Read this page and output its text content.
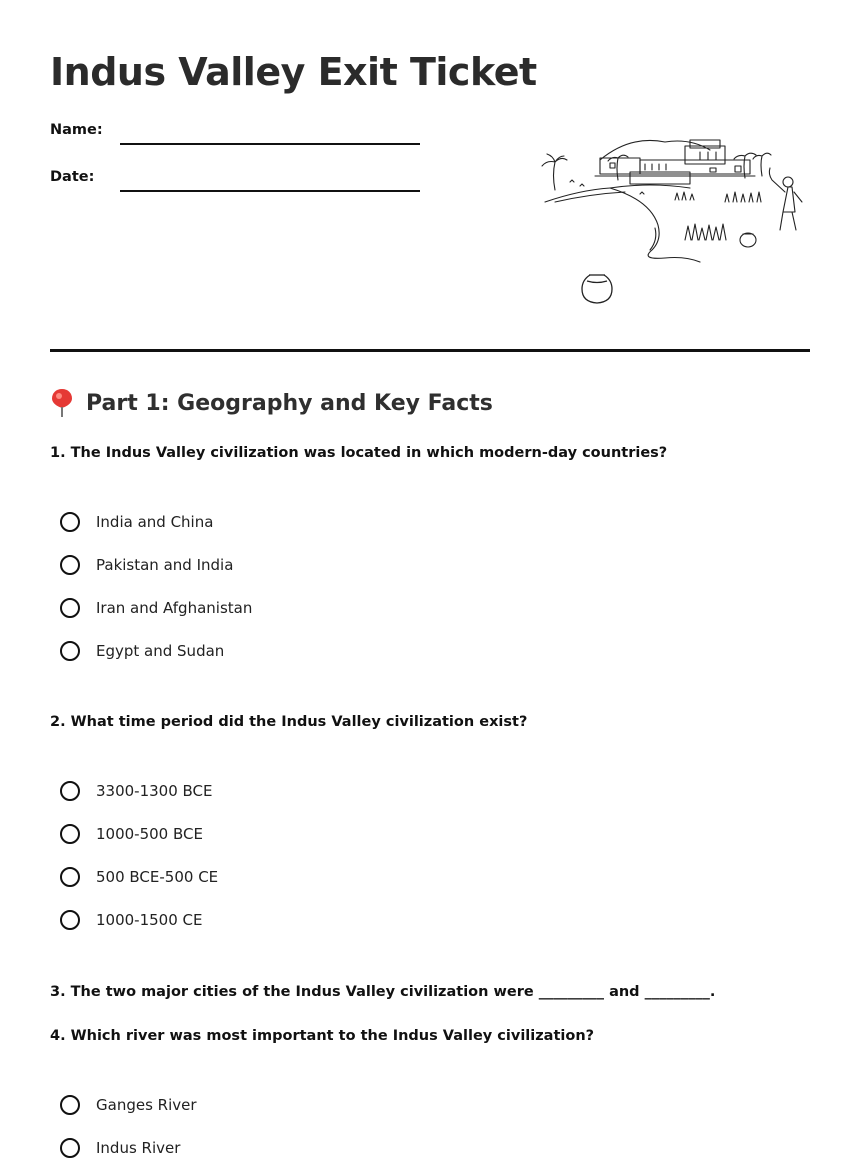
Indus Valley Exit Ticket
Name:
Date:
Part 1: Geography and Key Facts

1. The Indus Valley civilization was located in which modern-day countries?

India and China
Pakistan and India
Iran and Afghanistan
Egypt and Sudan

2. What time period did the Indus Valley civilization exist?

3300-1300 BCE
1000-500 BCE
500 BCE-500 CE
1000-1500 CE

3. The two major cities of the Indus Valley civilization were _________ and _________.

4. Which river was most important to the Indus Valley civilization?

Ganges River
Indus River
